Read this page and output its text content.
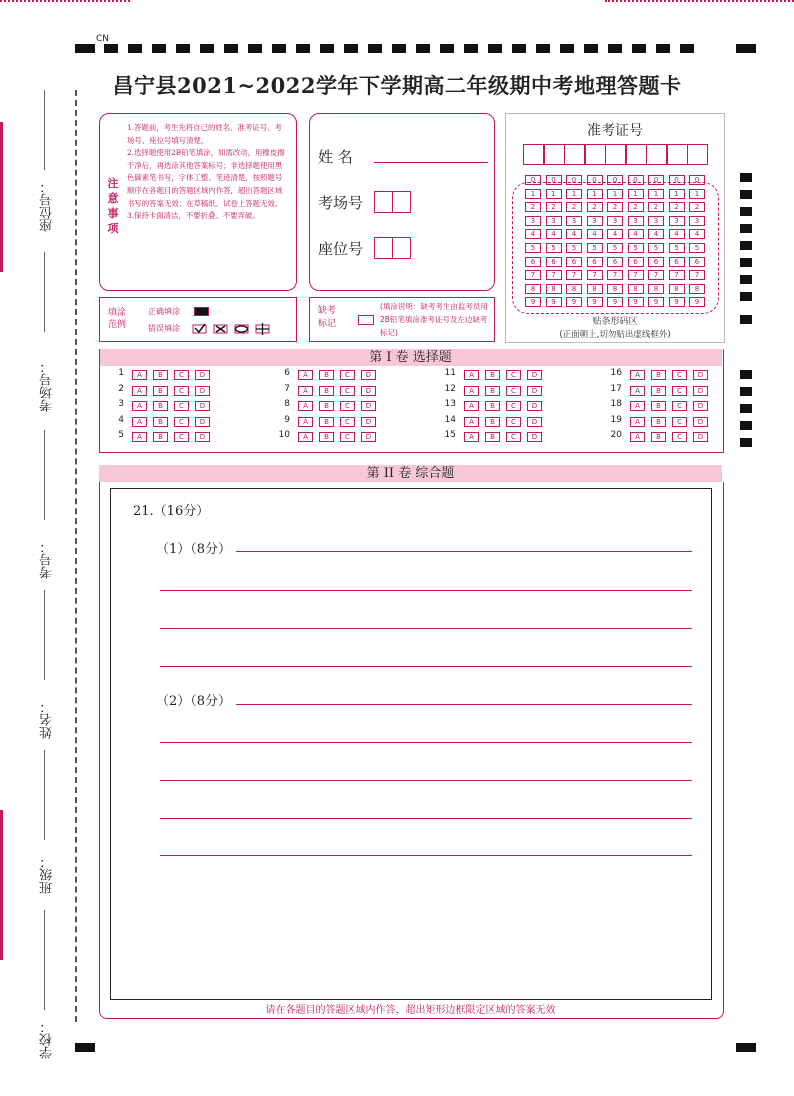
CN
座位号：
考场号：
考号：
姓名：
班级：
学校：
昌宁县2021~2022学年下学期高二年级期中考地理答题卡
注意事项
1.答题前，考生先将自己的姓名、准考证号、考场号、座位号填写清楚。
2.选择题使用2B铅笔填涂，如需改动，用橡皮擦干净后，再选涂其他答案标号；非选择题使用黑色碳素笔书写，字体工整、笔迹清楚，按照题号顺序在各题目的答题区域内作答，超出答题区域书写的答案无效；在草稿纸、试卷上答题无效。
3.保持卡面清洁，不要折叠、不要弄破。
姓 名
考场号
座位号
准考证号
0	0	0	0	0	0	0	0	0
1	1	1	1	1	1	1	1	1
2	2	2	2	2	2	2	2	2
3	3	3	3	3	3	3	3	3
4	4	4	4	4	4	4	4	4
5	5	5	5	5	5	5	5	5
6	6	6	6	6	6	6	6	6
7	7	7	7	7	7	7	7	7
8	8	8	8	8	8	8	8	8
9	9	9	9	9	9	9	9	9
贴条形码区
(正面朝上,切勿贴出虚线框外)
填涂范例
正确填涂
错误填涂
缺考标记
(填涂说明：缺考考生由监考员用2B铅笔填涂准考证号及左边缺考标记)
第 I 卷 选择题
1	A	B	C	D
2	A	B	C	D
3	A	B	C	D
4	A	B	C	D
5	A	B	C	D
6	A	B	C	D
7	A	B	C	D
8	A	B	C	D
9	A	B	C	D
10	A	B	C	D
11	A	B	C	D
12	A	B	C	D
13	A	B	C	D
14	A	B	C	D
15	A	B	C	D
16	A	B	C	D
17	A	B	C	D
18	A	B	C	D
19	A	B	C	D
20	A	B	C	D
第 II 卷 综合题
21.（16分）
（1）（8分）
（2）（8分）
请在各题目的答题区域内作答，超出矩形边框限定区域的答案无效
